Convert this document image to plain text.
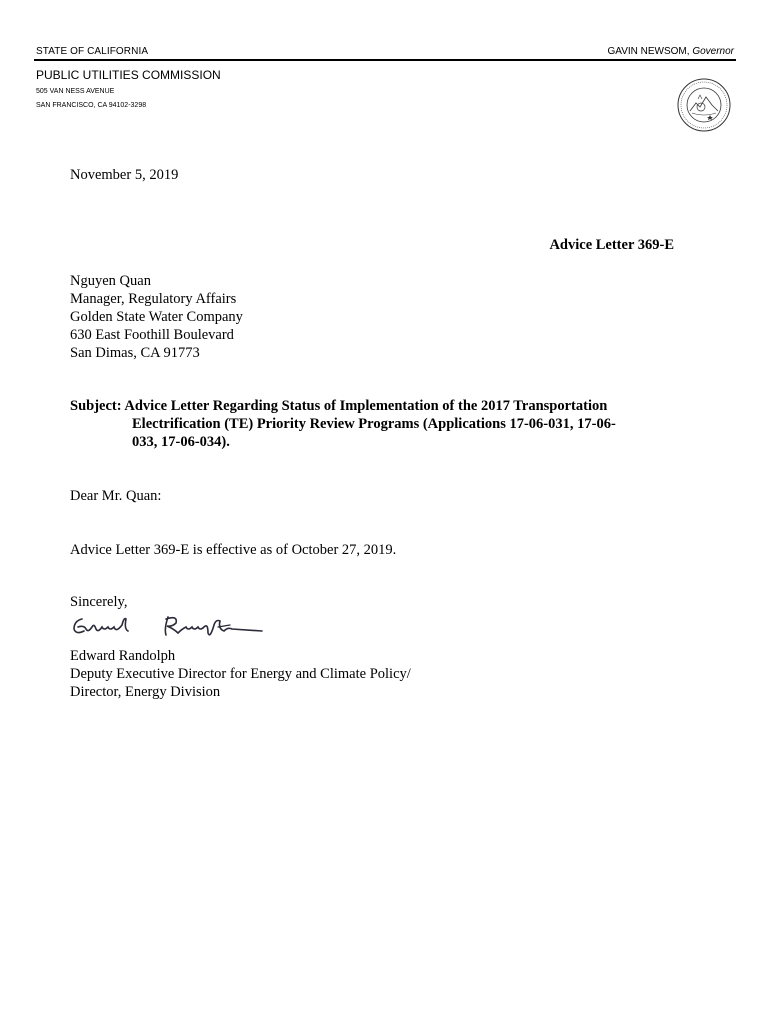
STATE OF CALIFORNIA	GAVIN NEWSOM, Governor
PUBLIC UTILITIES COMMISSION
505 VAN NESS AVENUE
SAN FRANCISCO, CA 94102-3298
November 5, 2019
Advice Letter 369-E
Nguyen Quan
Manager, Regulatory Affairs
Golden State Water Company
630 East Foothill Boulevard
San Dimas, CA 91773
Subject: Advice Letter Regarding Status of Implementation of the 2017 Transportation
Electrification (TE) Priority Review Programs (Applications 17-06-031, 17-06-
033, 17-06-034).
Dear Mr. Quan:
Advice Letter 369-E is effective as of October 27, 2019.
Sincerely,
Edward Randolph
Deputy Executive Director for Energy and Climate Policy/
Director, Energy Division
